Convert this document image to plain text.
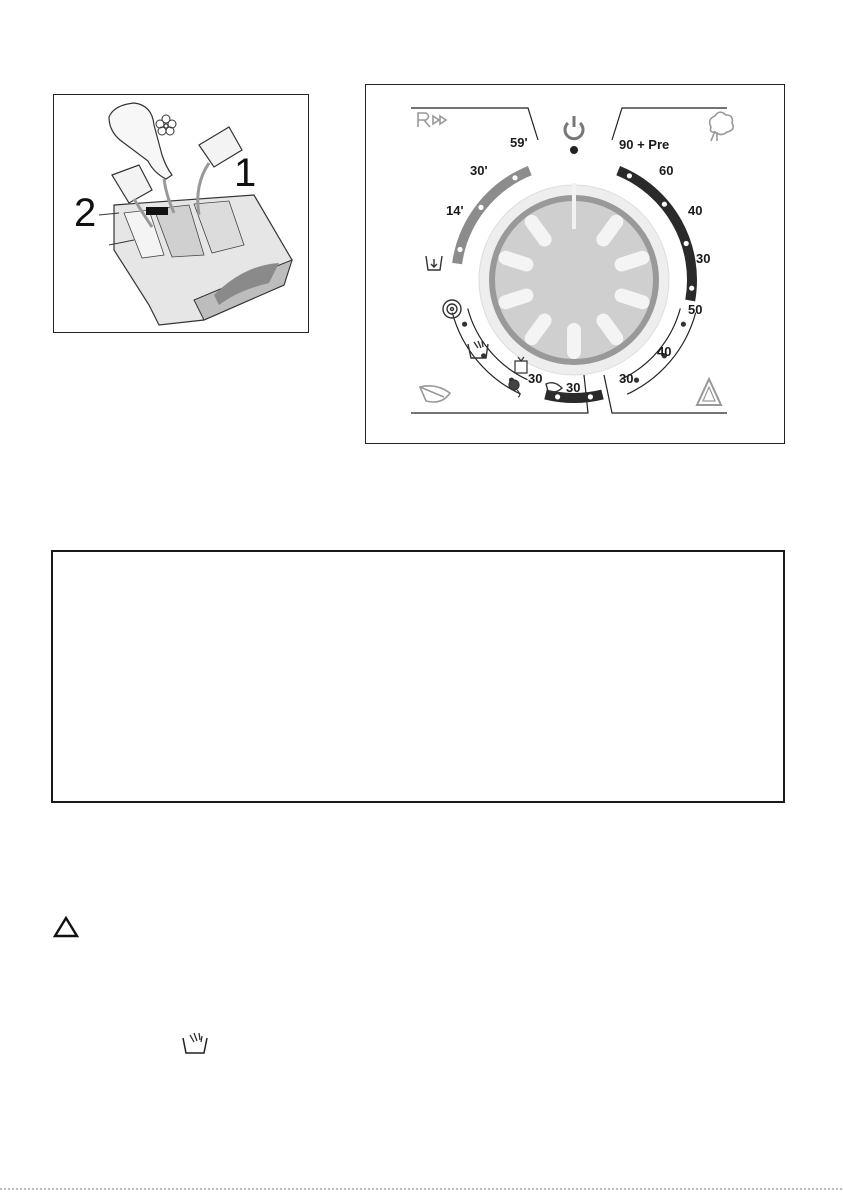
1
2	14'
30'
59'	90 + Pre
60
40
30
50
40
30
30
30
